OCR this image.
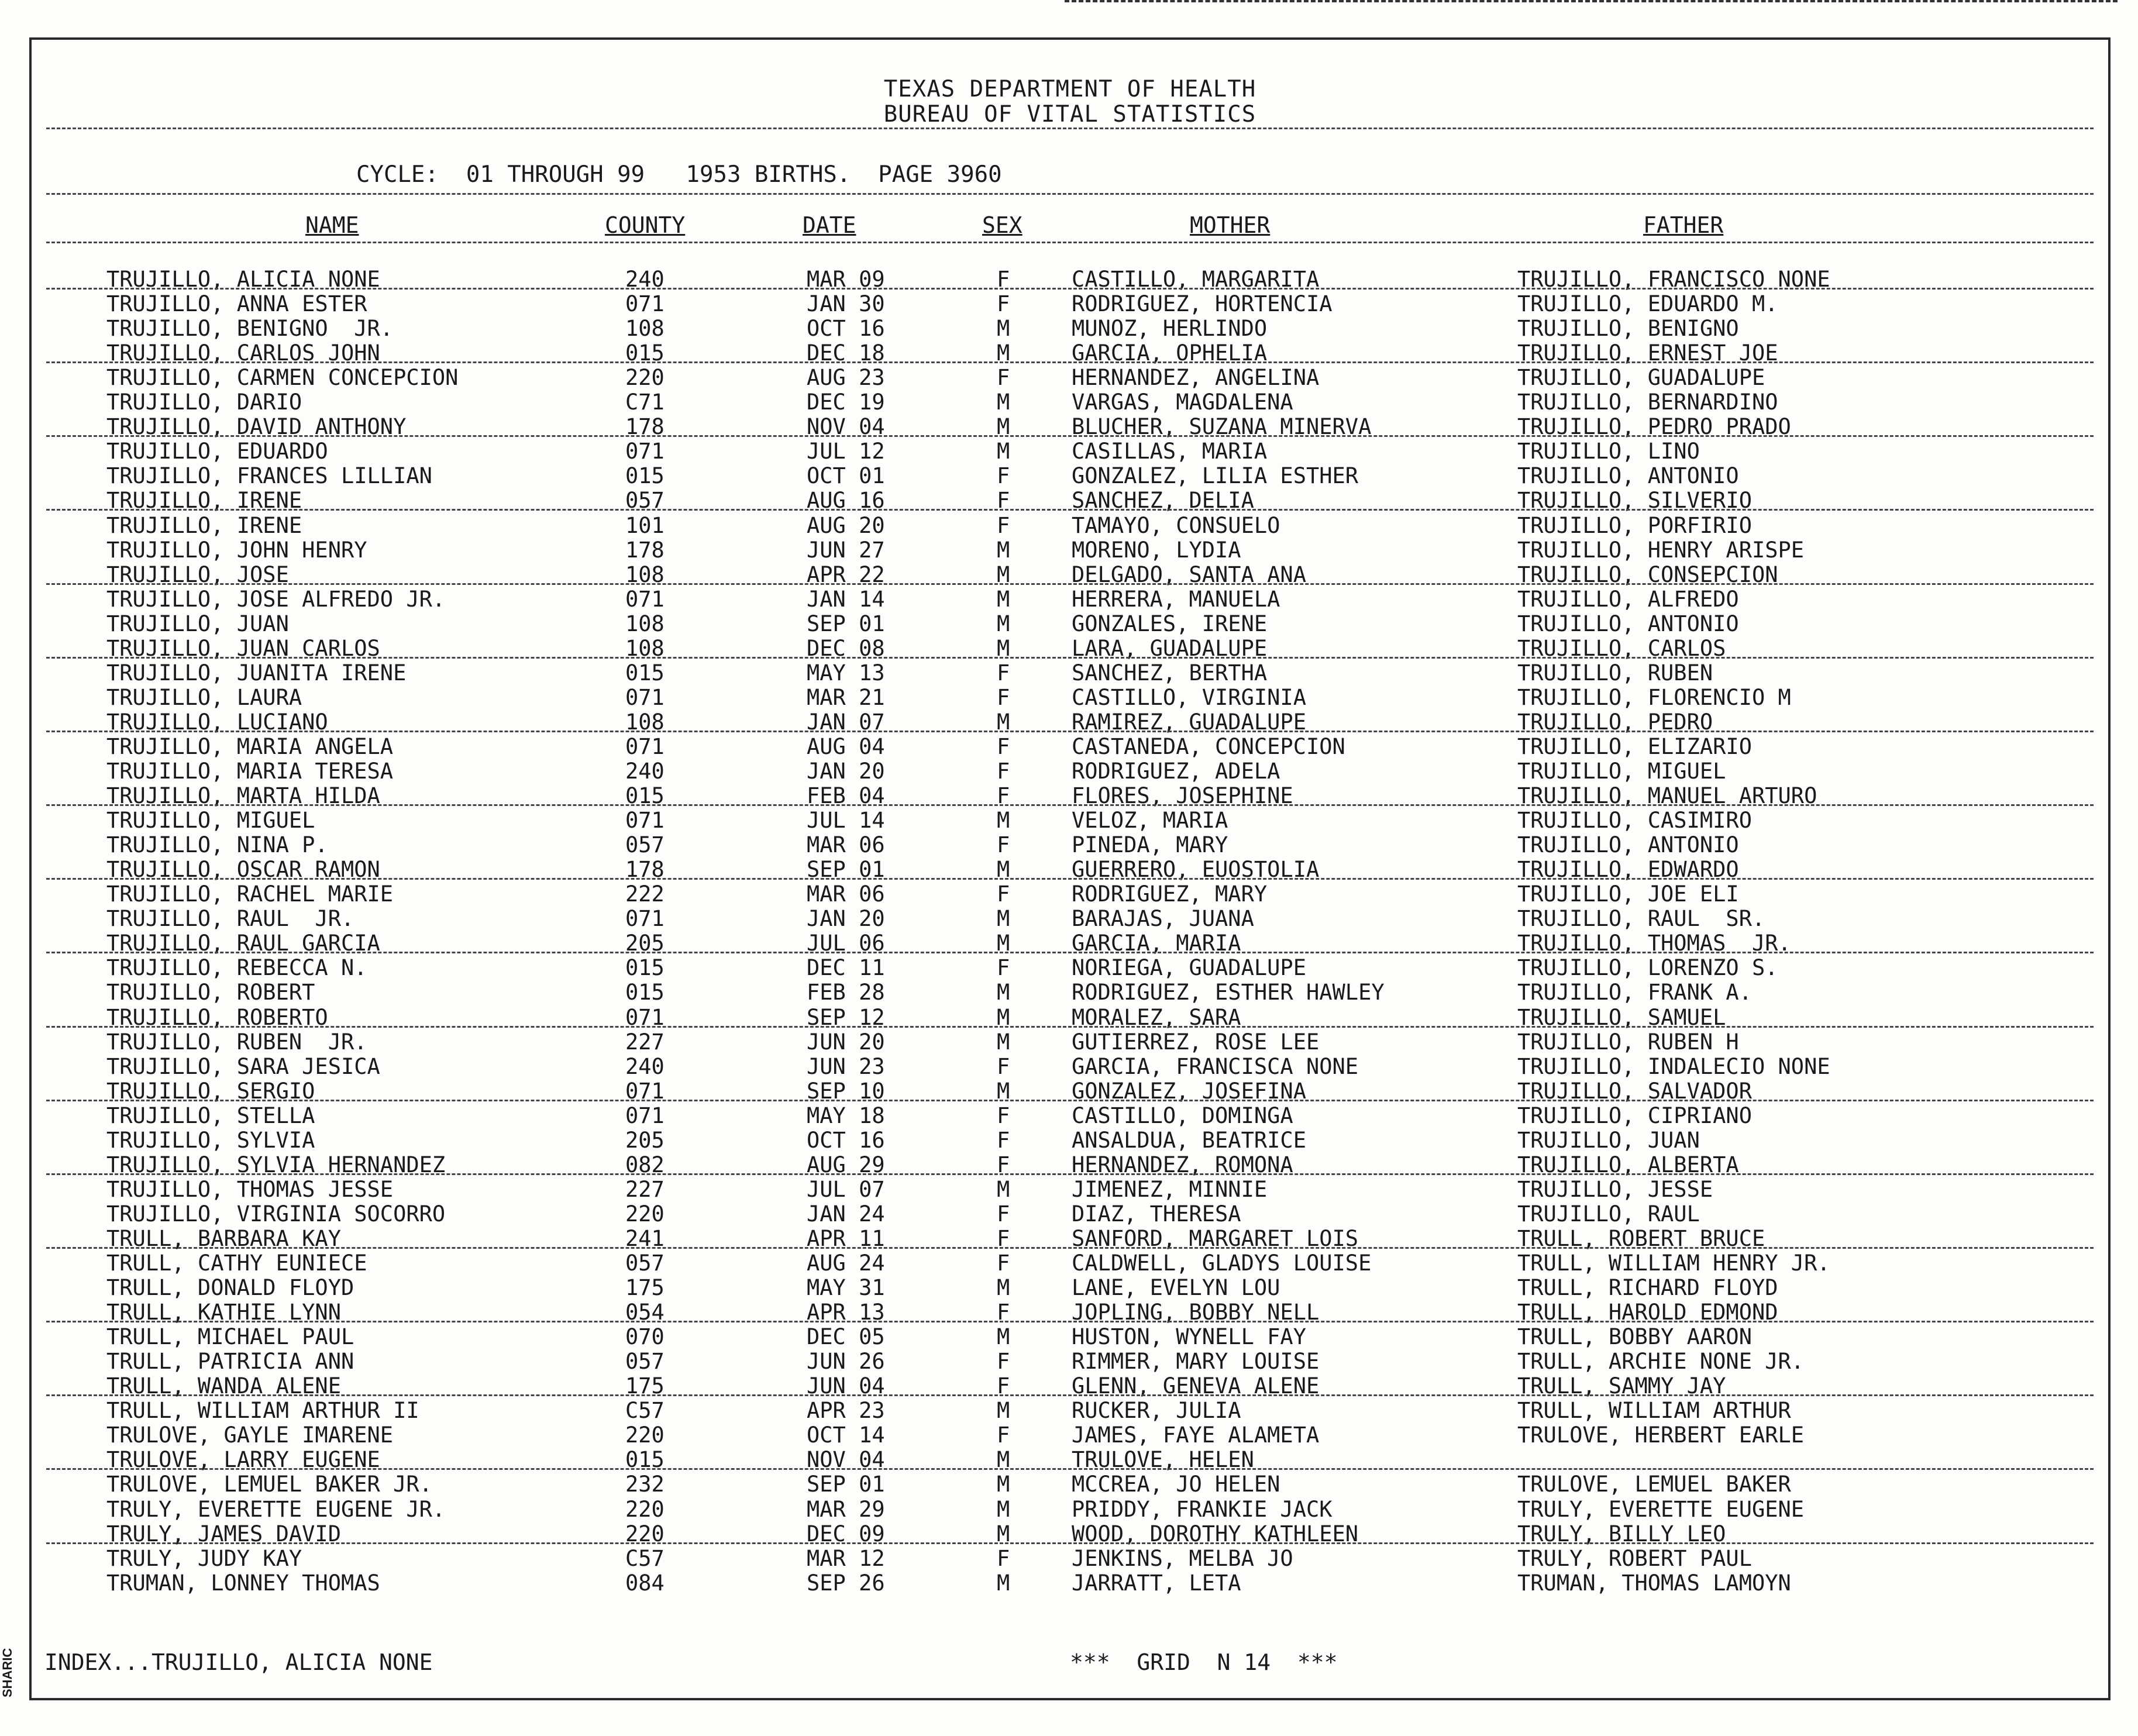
SHARIC
TEXAS DEPARTMENT OF HEALTH
BUREAU OF VITAL STATISTICS
CYCLE:  01 THROUGH 99   1953 BIRTHS.  PAGE 3960
NAME	COUNTY	DATE	SEX	MOTHER	FATHER
TRUJILLO, ALICIA NONE	240	MAR 09	F	CASTILLO, MARGARITA	TRUJILLO, FRANCISCO NONE
TRUJILLO, ANNA ESTER	071	JAN 30	F	RODRIGUEZ, HORTENCIA	TRUJILLO, EDUARDO M.
TRUJILLO, BENIGNO  JR.	108	OCT 16	M	MUNOZ, HERLINDO	TRUJILLO, BENIGNO
TRUJILLO, CARLOS JOHN	015	DEC 18	M	GARCIA, OPHELIA	TRUJILLO, ERNEST JOE
TRUJILLO, CARMEN CONCEPCION	220	AUG 23	F	HERNANDEZ, ANGELINA	TRUJILLO, GUADALUPE
TRUJILLO, DARIO	C71	DEC 19	M	VARGAS, MAGDALENA	TRUJILLO, BERNARDINO
TRUJILLO, DAVID ANTHONY	178	NOV 04	M	BLUCHER, SUZANA MINERVA	TRUJILLO, PEDRO PRADO
TRUJILLO, EDUARDO	071	JUL 12	M	CASILLAS, MARIA	TRUJILLO, LINO
TRUJILLO, FRANCES LILLIAN	015	OCT 01	F	GONZALEZ, LILIA ESTHER	TRUJILLO, ANTONIO
TRUJILLO, IRENE	057	AUG 16	F	SANCHEZ, DELIA	TRUJILLO, SILVERIO
TRUJILLO, IRENE	101	AUG 20	F	TAMAYO, CONSUELO	TRUJILLO, PORFIRIO
TRUJILLO, JOHN HENRY	178	JUN 27	M	MORENO, LYDIA	TRUJILLO, HENRY ARISPE
TRUJILLO, JOSE	108	APR 22	M	DELGADO, SANTA ANA	TRUJILLO, CONSEPCION
TRUJILLO, JOSE ALFREDO JR.	071	JAN 14	M	HERRERA, MANUELA	TRUJILLO, ALFREDO
TRUJILLO, JUAN	108	SEP 01	M	GONZALES, IRENE	TRUJILLO, ANTONIO
TRUJILLO, JUAN CARLOS	108	DEC 08	M	LARA, GUADALUPE	TRUJILLO, CARLOS
TRUJILLO, JUANITA IRENE	015	MAY 13	F	SANCHEZ, BERTHA	TRUJILLO, RUBEN
TRUJILLO, LAURA	071	MAR 21	F	CASTILLO, VIRGINIA	TRUJILLO, FLORENCIO M
TRUJILLO, LUCIANO	108	JAN 07	M	RAMIREZ, GUADALUPE	TRUJILLO, PEDRO
TRUJILLO, MARIA ANGELA	071	AUG 04	F	CASTANEDA, CONCEPCION	TRUJILLO, ELIZARIO
TRUJILLO, MARIA TERESA	240	JAN 20	F	RODRIGUEZ, ADELA	TRUJILLO, MIGUEL
TRUJILLO, MARTA HILDA	015	FEB 04	F	FLORES, JOSEPHINE	TRUJILLO, MANUEL ARTURO
TRUJILLO, MIGUEL	071	JUL 14	M	VELOZ, MARIA	TRUJILLO, CASIMIRO
TRUJILLO, NINA P.	057	MAR 06	F	PINEDA, MARY	TRUJILLO, ANTONIO
TRUJILLO, OSCAR RAMON	178	SEP 01	M	GUERRERO, EUOSTOLIA	TRUJILLO, EDWARDO
TRUJILLO, RACHEL MARIE	222	MAR 06	F	RODRIGUEZ, MARY	TRUJILLO, JOE ELI
TRUJILLO, RAUL  JR.	071	JAN 20	M	BARAJAS, JUANA	TRUJILLO, RAUL  SR.
TRUJILLO, RAUL GARCIA	205	JUL 06	M	GARCIA, MARIA	TRUJILLO, THOMAS  JR.
TRUJILLO, REBECCA N.	015	DEC 11	F	NORIEGA, GUADALUPE	TRUJILLO, LORENZO S.
TRUJILLO, ROBERT	015	FEB 28	M	RODRIGUEZ, ESTHER HAWLEY	TRUJILLO, FRANK A.
TRUJILLO, ROBERTO	071	SEP 12	M	MORALEZ, SARA	TRUJILLO, SAMUEL
TRUJILLO, RUBEN  JR.	227	JUN 20	M	GUTIERREZ, ROSE LEE	TRUJILLO, RUBEN H
TRUJILLO, SARA JESICA	240	JUN 23	F	GARCIA, FRANCISCA NONE	TRUJILLO, INDALECIO NONE
TRUJILLO, SERGIO	071	SEP 10	M	GONZALEZ, JOSEFINA	TRUJILLO, SALVADOR
TRUJILLO, STELLA	071	MAY 18	F	CASTILLO, DOMINGA	TRUJILLO, CIPRIANO
TRUJILLO, SYLVIA	205	OCT 16	F	ANSALDUA, BEATRICE	TRUJILLO, JUAN
TRUJILLO, SYLVIA HERNANDEZ	082	AUG 29	F	HERNANDEZ, ROMONA	TRUJILLO, ALBERTA
TRUJILLO, THOMAS JESSE	227	JUL 07	M	JIMENEZ, MINNIE	TRUJILLO, JESSE
TRUJILLO, VIRGINIA SOCORRO	220	JAN 24	F	DIAZ, THERESA	TRUJILLO, RAUL
TRULL, BARBARA KAY	241	APR 11	F	SANFORD, MARGARET LOIS	TRULL, ROBERT BRUCE
TRULL, CATHY EUNIECE	057	AUG 24	F	CALDWELL, GLADYS LOUISE	TRULL, WILLIAM HENRY JR.
TRULL, DONALD FLOYD	175	MAY 31	M	LANE, EVELYN LOU	TRULL, RICHARD FLOYD
TRULL, KATHIE LYNN	054	APR 13	F	JOPLING, BOBBY NELL	TRULL, HAROLD EDMOND
TRULL, MICHAEL PAUL	070	DEC 05	M	HUSTON, WYNELL FAY	TRULL, BOBBY AARON
TRULL, PATRICIA ANN	057	JUN 26	F	RIMMER, MARY LOUISE	TRULL, ARCHIE NONE JR.
TRULL, WANDA ALENE	175	JUN 04	F	GLENN, GENEVA ALENE	TRULL, SAMMY JAY
TRULL, WILLIAM ARTHUR II	C57	APR 23	M	RUCKER, JULIA	TRULL, WILLIAM ARTHUR
TRULOVE, GAYLE IMARENE	220	OCT 14	F	JAMES, FAYE ALAMETA	TRULOVE, HERBERT EARLE
TRULOVE, LARRY EUGENE	015	NOV 04	M	TRULOVE, HELEN
TRULOVE, LEMUEL BAKER JR.	232	SEP 01	M	MCCREA, JO HELEN	TRULOVE, LEMUEL BAKER
TRULY, EVERETTE EUGENE JR.	220	MAR 29	M	PRIDDY, FRANKIE JACK	TRULY, EVERETTE EUGENE
TRULY, JAMES DAVID	220	DEC 09	M	WOOD, DOROTHY KATHLEEN	TRULY, BILLY LEO
TRULY, JUDY KAY	C57	MAR 12	F	JENKINS, MELBA JO	TRULY, ROBERT PAUL
TRUMAN, LONNEY THOMAS	084	SEP 26	M	JARRATT, LETA	TRUMAN, THOMAS LAMOYN
INDEX...TRUJILLO, ALICIA NONE	***  GRID  N 14  ***
